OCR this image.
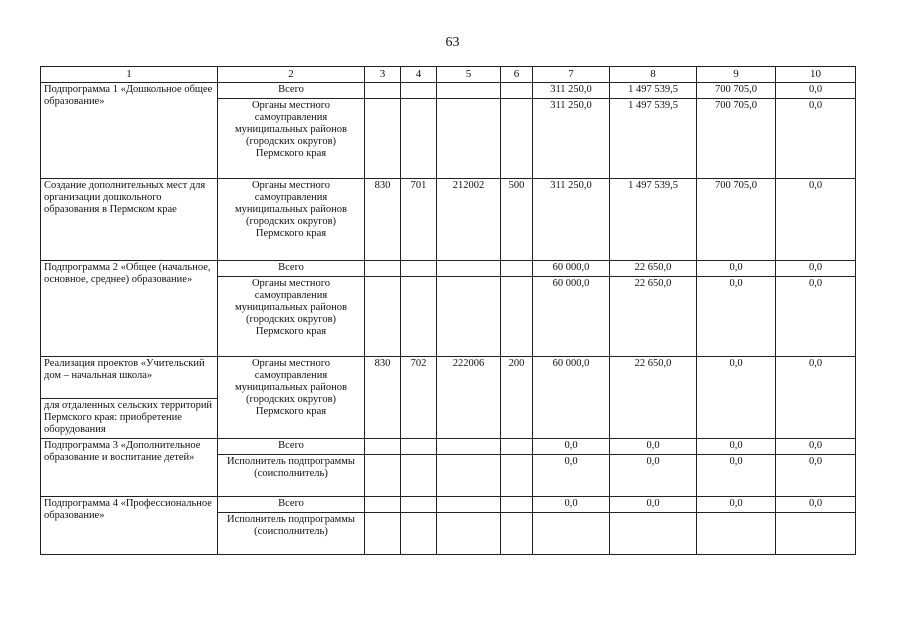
63
1	2	3	4	5	6	7	8	9	10
Подпрограмма 1 «Дошкольное общее образование»	Всего					311 250,0	1 497 539,5	700 705,0	0,0
	Органы местного самоуправления муниципальных районов (городских округов) Пермского края					311 250,0	1 497 539,5	700 705,0	0,0
Создание дополнительных мест для организации дошкольного образования в Пермском крае	Органы местного самоуправления муниципальных районов (городских округов) Пермского края	830	701	212002	500	311 250,0	1 497 539,5	700 705,0	0,0
Подпрограмма 2 «Общее (начальное, основное, среднее) образование»	Всего					60 000,0	22 650,0	0,0	0,0
	Органы местного самоуправления муниципальных районов (городских округов) Пермского края					60 000,0	22 650,0	0,0	0,0
Реализация проектов «Учительский дом – начальная школа»	Органы местного самоуправления муниципальных районов (городских округов) Пермского края	830	702	222006	200	60 000,0	22 650,0	0,0	0,0
для отдаленных сельских территорий Пермского края: приобретение оборудования									
Подпрограмма 3 «Дополнительное образование и воспитание детей»	Всего					0,0	0,0	0,0	0,0
	Исполнитель подпрограммы (соисполнитель)					0,0	0,0	0,0	0,0
Подпрограмма 4 «Профессиональное образование»	Всего					0,0	0,0	0,0	0,0
	Исполнитель подпрограммы (соисполнитель)								
